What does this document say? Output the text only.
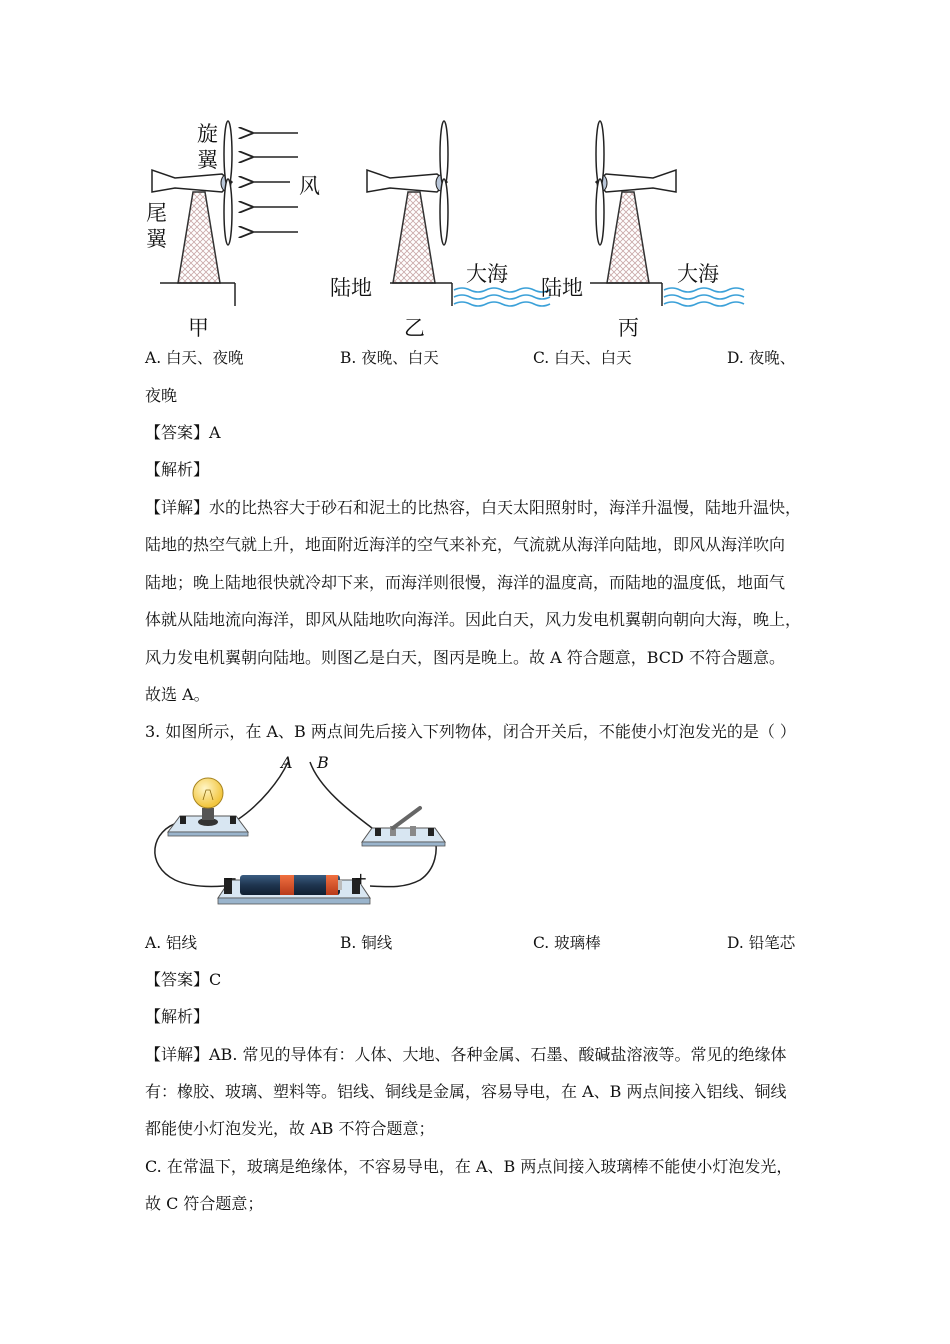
旋翼
尾翼
风
陆地
大海
陆地
大海
甲	乙	丙
A. 白天、夜晚	B. 夜晚、白天	C. 白天、白天	D. 夜晚、
夜晚
【答案】A
【解析】
【详解】水的比热容大于砂石和泥土的比热容，白天太阳照射时，海洋升温慢，陆地升温快，
陆地的热空气就上升，地面附近海洋的空气来补充，气流就从海洋向陆地，即风从海洋吹向
陆地；晚上陆地很快就冷却下来，而海洋则很慢，海洋的温度高，而陆地的温度低，地面气
体就从陆地流向海洋，即风从陆地吹向海洋。因此白天，风力发电机翼朝向朝向大海，晚上，
风力发电机翼朝向陆地。则图乙是白天，图丙是晚上。故 A 符合题意，BCD 不符合题意。
故选 A。
3. 如图所示，在 A、B 两点间先后接入下列物体，闭合开关后，不能使小灯泡发光的是（ ）
A B
−	+
A. 铝线	B. 铜线	C. 玻璃棒	D. 铅笔芯
【答案】C
【解析】
【详解】AB. 常见的导体有：人体、大地、各种金属、石墨、酸碱盐溶液等。常见的绝缘体
有：橡胶、玻璃、塑料等。铝线、铜线是金属，容易导电，在 A、B 两点间接入铝线、铜线
都能使小灯泡发光，故 AB 不符合题意；
C. 在常温下，玻璃是绝缘体，不容易导电，在 A、B 两点间接入玻璃棒不能使小灯泡发光，
故 C 符合题意；
